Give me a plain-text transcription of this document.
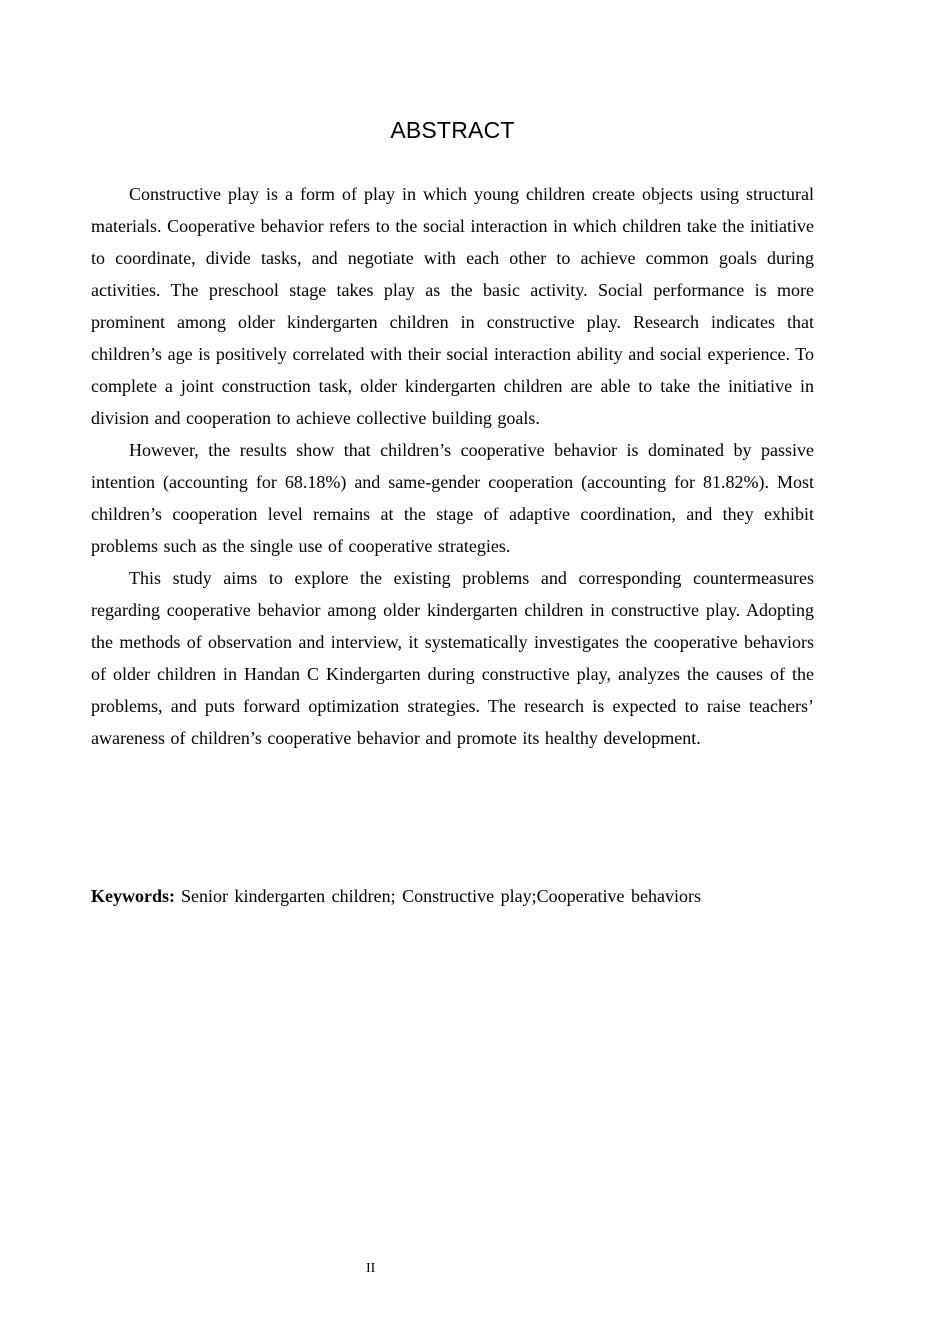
ABSTRACT

Constructive play is a form of play in which young children create objects using structural materials. Cooperative behavior refers to the social interaction in which children take the initiative to coordinate, divide tasks, and negotiate with each other to achieve common goals during activities. The preschool stage takes play as the basic activity. Social performance is more prominent among older kindergarten children in constructive play. Research indicates that children’s age is positively correlated with their social interaction ability and social experience. To complete a joint construction task, older kindergarten children are able to take the initiative in division and cooperation to achieve collective building goals.

However, the results show that children’s cooperative behavior is dominated by passive intention (accounting for 68.18%) and same-gender cooperation (accounting for 81.82%). Most children’s cooperation level remains at the stage of adaptive coordination, and they exhibit problems such as the single use of cooperative strategies.

This study aims to explore the existing problems and corresponding countermeasures regarding cooperative behavior among older kindergarten children in constructive play. Adopting the methods of observation and interview, it systematically investigates the cooperative behaviors of older children in Handan C Kindergarten during constructive play, analyzes the causes of the problems, and puts forward optimization strategies. The research is expected to raise teachers’ awareness of children’s cooperative behavior and promote its healthy development.

Keywords: Senior kindergarten children; Constructive play;Cooperative behaviors
II
